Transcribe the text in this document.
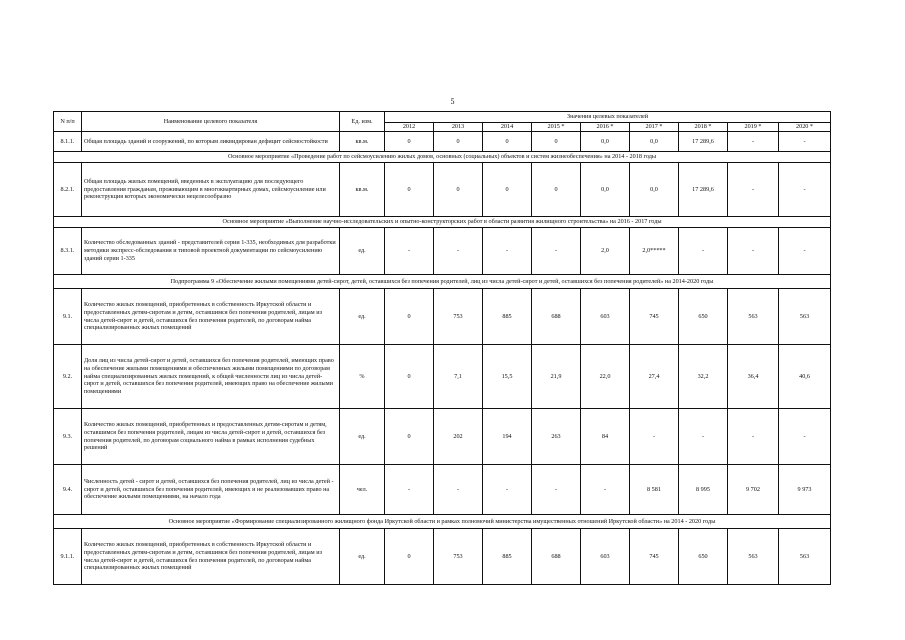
5
N п/п	Наименование целевого показателя	Ед. изм.	Значения целевых показателей								
			2012	2013	2014	2015 *	2016 *	2017 *	2018 *	2019 *	2020 *
8.1.1.	Общая площадь зданий и сооружений, по которым ликвидирован дефицит сейсмостойкости	кв.м.	0	0	0	0	0,0	0,0	17 289,6	-	-
Основное мероприятие «Проведение работ по сейсмоусилению жилых домов, основных (социальных) объектов и систем жизнеобеспечения» на 2014 - 2018 годы											
8.2.1.	Общая площадь жилых помещений, введенных в эксплуатацию для последующего предоставления гражданам, проживающим в многоквартирных домах, сейсмоусиление или реконструкция которых экономически нецелесообразно	кв.м.	0	0	0	0	0,0	0,0	17 289,6	-	-
Основное мероприятие «Выполнение научно-исследовательских и опытно-конструкторских работ в области развития жилищного строительства» на 2016 - 2017 годы											
8.3.1.	Количество обследованных зданий - представителей серии 1-335, необходимых для разработки методики экспресс-обследования и типовой проектной документации по сейсмоусилению зданий серии 1-335	ед.	-	-	-	-	2,0	2,0*****	-	-	-
Подпрограмма 9 «Обеспечение жилыми помещениями детей-сирот, детей, оставшихся без попечения родителей, лиц из числа детей-сирот и детей, оставшихся без попечения родителей» на 2014-2020 годы											
9.1.	Количество жилых помещений, приобретенных в собственность Иркутской области и предоставленных детям-сиротам и детям, оставшимся без попечения родителей, лицам из числа детей-сирот и детей, оставшихся без попечения родителей, по договорам найма специализированных жилых помещений	ед.	0	753	885	688	603	745	650	563	563
9.2.	Доля лиц из числа детей-сирот и детей, оставшихся без попечения родителей, имеющих право на обеспечение жилыми помещениями и обеспеченных жилыми помещениями по договорам найма специализированных жилых помещений, к общей численности лиц из числа детей-сирот и детей, оставшихся без попечения родителей, имеющих право на обеспечение жилыми помещениями	%	0	7,1	15,5	21,9	22,0	27,4	32,2	36,4	40,6
9.3.	Количество жилых помещений, приобретенных и предоставленных детям-сиротам и детям, оставшимся без попечения родителей, лицам из числа детей-сирот и детей, оставшихся без попечения родителей, по договорам социального найма в рамках исполнения судебных решений	ед.	0	202	194	263	84	-	-	-	-
9.4.	Численность детей - сирот и детей, оставшихся без попечения родителей, лиц из числа детей - сирот и детей, оставшихся без попечения родителей, имеющих и не реализовавших право на обеспечение жилыми помещениями, на начало года	чел.	-	-	-	-	-	8 581	8 995	9 702	9 973
Основное мероприятие «Формирование специализированного жилищного фонда Иркутской области и рамках полномочий министерства имущественных отношений Иркутской области» на 2014 - 2020 годы											
9.1.1.	Количество жилых помещений, приобретенных в собственность Иркутской области и предоставленных детям-сиротам и детям, оставшимся без попечения родителей, лицам из числа детей-сирот и детей, оставшихся без попечения родителей, по договорам найма специализированных жилых помещений	ед.	0	753	885	688	603	745	650	563	563
